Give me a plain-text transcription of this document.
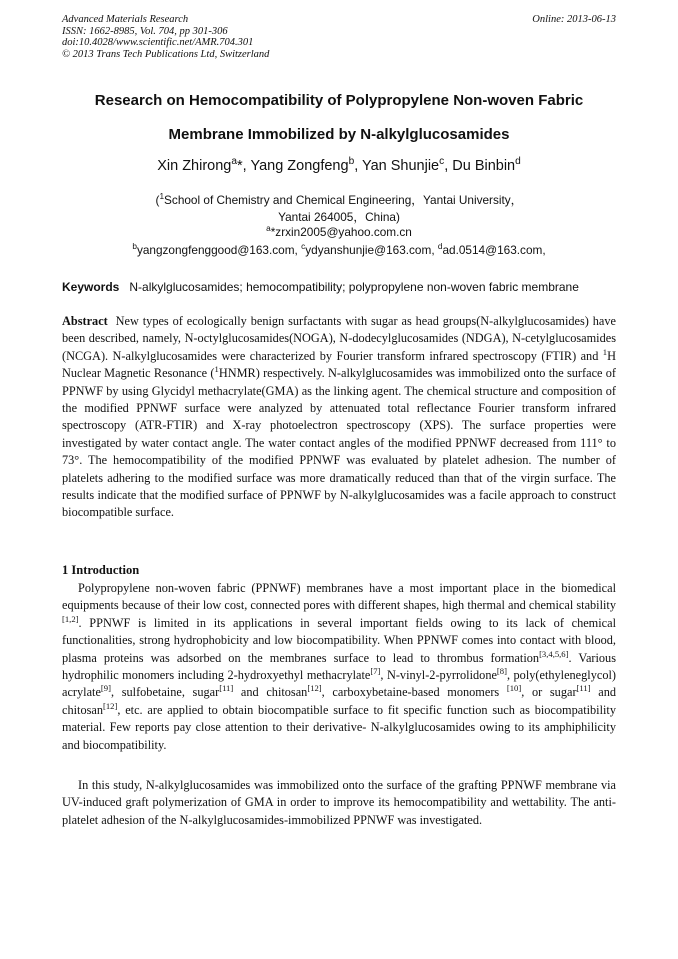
Advanced Materials Research
ISSN: 1662-8985, Vol. 704, pp 301-306
doi:10.4028/www.scientific.net/AMR.704.301
© 2013 Trans Tech Publications Ltd, Switzerland
Online: 2013-06-13
Research on Hemocompatibility of Polypropylene Non-woven Fabric
Membrane Immobilized by N-alkylglucosamides
Xin Zhirong$^a$*, Yang Zongfeng$^b$, Yan Shunjie$^c$, Du Binbin$^d$
($^1$School of Chemistry and Chemical Engineering，Yantai University，
Yantai 264005，China)
$^a$*zrxin2005@yahoo.com.cn
$^b$yangzongfenggood@163.com, $^c$ydyanshunjie@163.com, $^d$ad.0514@163.com,
Keywords N-alkylglucosamides; hemocompatibility; polypropylene non-woven fabric membrane
Abstract New types of ecologically benign surfactants with sugar as head groups(N-alkylglucosamides) have been described, namely, N-octylglucosamides(NOGA), N-dodecylglucosamides (NDGA), N-cetylglucosamides (NCGA). N-alkylglucosamides were characterized by Fourier transform infrared spectroscopy (FTIR) and $^1$H Nuclear Magnetic Resonance ($^1$HNMR) respectively. N-alkylglucosamides was immobilized onto the surface of PPNWF by using Glycidyl methacrylate(GMA) as the linking agent. The chemical structure and composition of the modified PPNWF surface were analyzed by attenuated total reflectance Fourier transform infrared spectroscopy (ATR-FTIR) and X-ray photoelectron spectroscopy (XPS). The surface properties were investigated by water contact angle. The water contact angles of the modified PPNWF decreased from 111° to 73°. The hemocompatibility of the modified PPNWF was evaluated by platelet adhesion. The number of platelets adhering to the modified surface was more dramatically reduced than that of the virgin surface. The results indicate that the modified surface of PPNWF by N-alkylglucosamides was a facile approach to construct biocompatible surface.
1 Introduction
Polypropylene non-woven fabric (PPNWF) membranes have a most important place in the biomedical equipments because of their low cost, connected pores with different shapes, high thermal and chemical stability [1,2]. PPNWF is limited in its applications in several important fields owing to its lack of chemical functionalities, strong hydrophobicity and low biocompatibility. When PPNWF comes into contact with blood, plasma proteins was adsorbed on the membranes surface to lead to thrombus formation[3,4,5,6]. Various hydrophilic monomers including 2-hydroxyethyl methacrylate[7], N-vinyl-2-pyrrolidone[8], poly(ethyleneglycol) acrylate[9], sulfobetaine, sugar[11] and chitosan[12], carboxybetaine-based monomers [10], or sugar[11] and chitosan[12], etc. are applied to obtain biocompatible surface to fit specific function such as biocompatibility material. Few reports pay close attention to their derivative- N-alkylglucosamides owing to its amphiphilicity and biocompatibility.
In this study, N-alkylglucosamides was immobilized onto the surface of the grafting PPNWF membrane via UV-induced graft polymerization of GMA in order to improve its hemocompatibility and wettability. The anti-platelet adhesion of the N-alkylglucosamides-immobilized PPNWF was investigated.
